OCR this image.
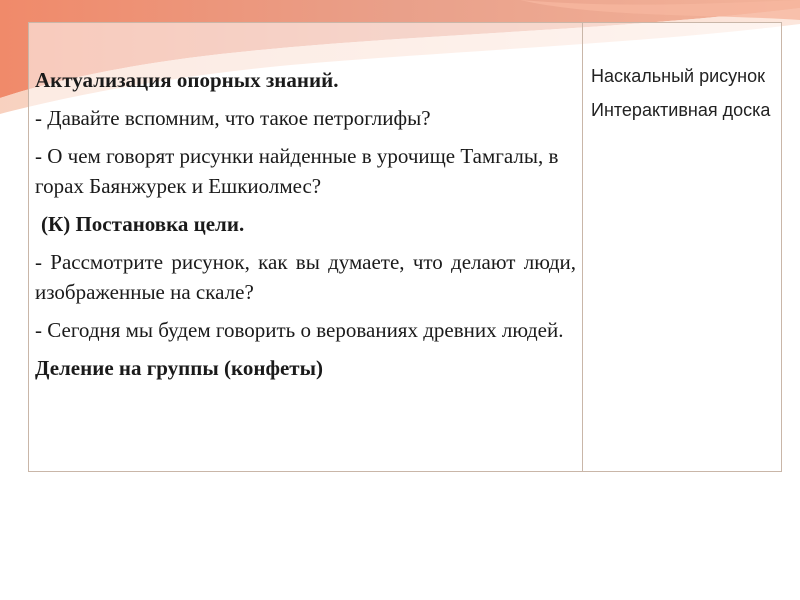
Актуализация опорных знаний.

- Давайте вспомним, что такое петроглифы?

- О чем говорят рисунки найденные в урочище Тамгалы, в горах Баянжурек и Ешкиолмес?

(К) Постановка цели.

- Рассмотрите рисунок, как вы думаете, что делают люди, изображенные на скале?

- Сегодня мы будем говорить о верованиях древних людей.

Деление на группы (конфеты)

Наскальный рисунок

Интерактивная доска
